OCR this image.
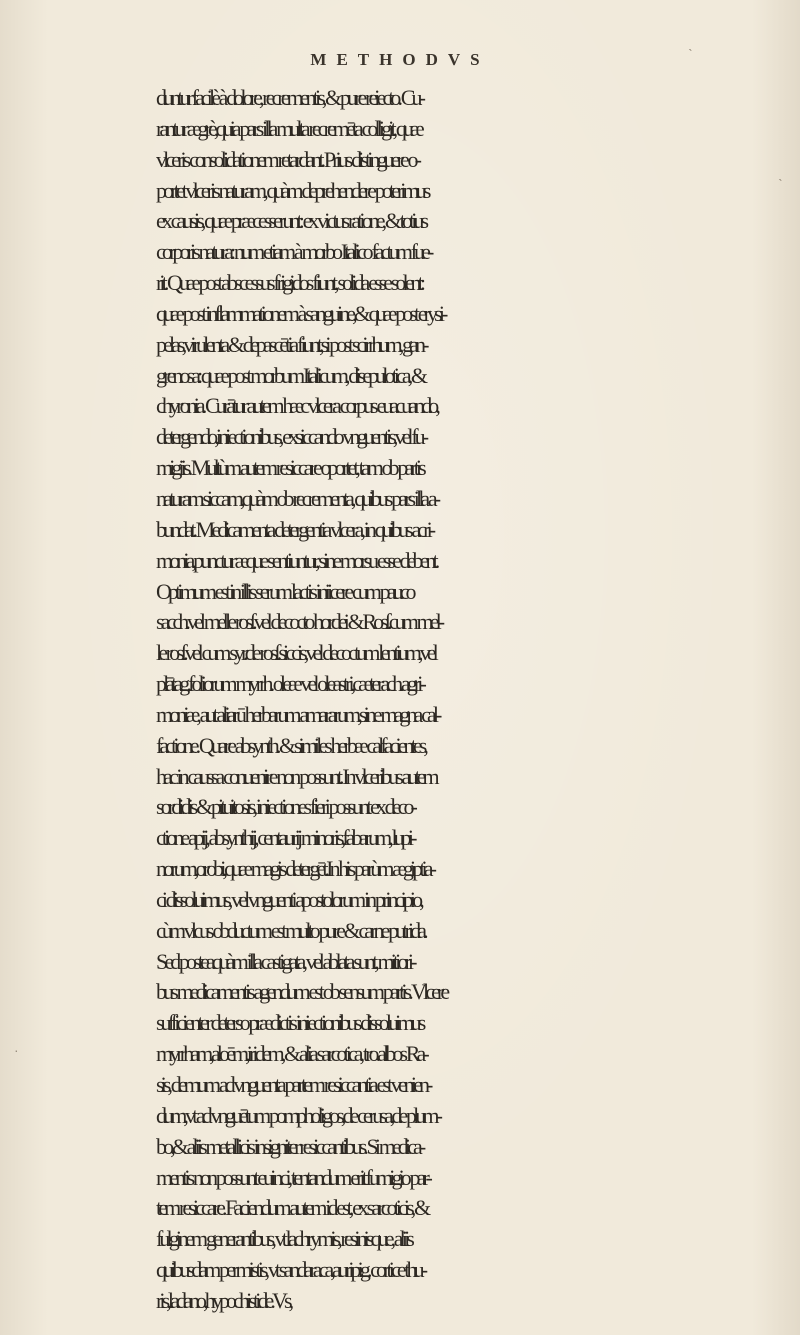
METHODVS
duntur facilè à dolore, recrementis, & pure reiecto. Cu-
rantur ægrè,quia pars illa multa recremēta colligit, quæ
vlceris consolidationem retardant. Prius distinguere o-
portet vlceris naturam, quàm deprehendere poterimus
ex causis, quæ præcesserunt: ex victus ratione, & totius
corporis natura: num etiam à morbo Italico factum fue-
rit. Quæ post abscessus frigidos fiunt, solida esse solent:
quæ post inflammationem à sanguine,& quæ post erysi-
pelas,virulenta & depascētia fiunt,si post scirrhum, gan-
grenosa: quæ post morbum Italicum, disepulotica, &
chyronia. Curātur autem hæc vlcera corpus euacuando,
detergendo,iniectionibus, exsiccando vnguentis,vel fu-
migiis. Multùm autem resiccare oportet, tam ob partis
naturam siccam,quàm ob recrementa, quibus pars illa a-
bundat. Medicamenta detergentia vlcera, in quibus acri-
monia,punctur æque sentiuntur, sine morsu esse debent.
Optimum est in illis serum lactis iniicere cum pauco
sacch.vel melle rosſ.vel decocto hordei & Rosſ.cum mel-
le rosſ.vel cum syr.de rosſ.siccis,vel decoctum lentium,vel
plātag.foliorum myrrh. oleæ vel oleastri,cæterach.agri-
moniæ, aut aliarū herbarum amararum,sine magna cal-
factione. Quare absynth. & similes herbæ calfacientes,
hac in caussa conuenire non possunt. In vlceribus autem
sordidis & pituitosis, iniectiones fieri possunt ex deco-
ctione apij, absynthij, centaurij minoris,fabarum, lupi-
norum,orobi,quæ magis detergēt.In his parùm ægiptia-
ci dissoluimus, vel vnguenti apostolorum in principio,
cùm vlcus obductum est multo pure & carne putrida.
Sed posteaquàm illa castigata, vel ablata sunt, mitiori-
bus medicamentis agendum est ob sensum partis. Vlcere
sufficienter deterso prædictis iniectionibus dissoluimus
myrrham,aloēm,iridem, & alia sarcotica, tro.albos Ra-
sis, demum ad vnguenta partem resiccantia est venien-
dum,vt ad vnguētum pompholigos,de cerusa,de plum-
bo,& aliis metallicis insigniter resiccantibus. Si medica-
mentis non possunt euinci, tentandum erit fumigio par-
tem resiccare. Faciendum autem id est, ex sarcoticis, &
fulginem generantibus, vt lachrymis, resinisque, aliis
quibusdam permistis, vt sandaraca,auripig. cortice thu-
ris,ladano,hypochistide.Vs,
˴
˴
·
